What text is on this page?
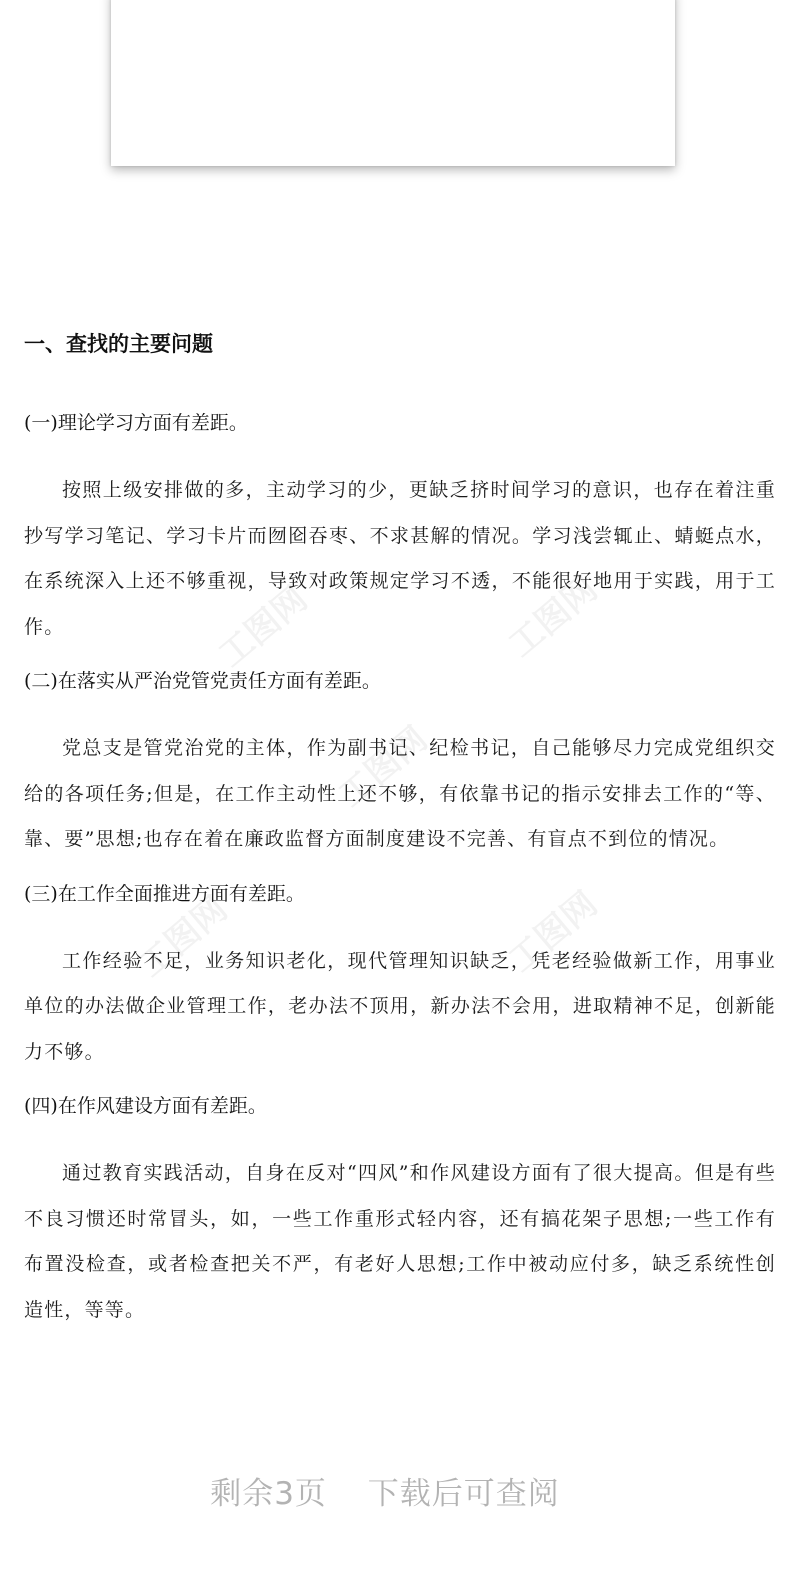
工图网	工图网
工图网
工图网	工图网
一、查找的主要问题

(一)理论学习方面有差距。

按照上级安排做的多，主动学习的少，更缺乏挤时间学习的意识，也存在着注重抄写学习笔记、学习卡片而囫囵吞枣、不求甚解的情况。学习浅尝辄止、蜻蜓点水，在系统深入上还不够重视，导致对政策规定学习不透，不能很好地用于实践，用于工作。

(二)在落实从严治党管党责任方面有差距。

党总支是管党治党的主体，作为副书记、纪检书记，自己能够尽力完成党组织交给的各项任务;但是，在工作主动性上还不够，有依靠书记的指示安排去工作的“等、靠、要”思想;也存在着在廉政监督方面制度建设不完善、有盲点不到位的情况。

(三)在工作全面推进方面有差距。

工作经验不足，业务知识老化，现代管理知识缺乏，凭老经验做新工作，用事业单位的办法做企业管理工作，老办法不顶用，新办法不会用，进取精神不足，创新能力不够。

(四)在作风建设方面有差距。

通过教育实践活动，自身在反对“四风”和作风建设方面有了很大提高。但是有些不良习惯还时常冒头，如，一些工作重形式轻内容，还有搞花架子思想;一些工作有布置没检查，或者检查把关不严，有老好人思想;工作中被动应付多，缺乏系统性创造性，等等。

剩余3页 下载后可查阅
